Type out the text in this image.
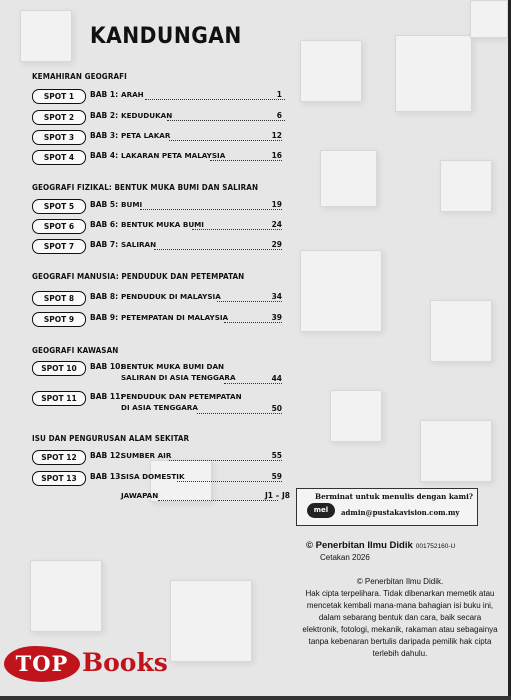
KANDUNGAN
KEMAHIRAN GEOGRAFI
SPOT 1	BAB 1: ARAH	1
SPOT 2	BAB 2: KEDUDUKAN	6
SPOT 3	BAB 3: PETA LAKAR	12
SPOT 4	BAB 4: LAKARAN PETA MALAYSIA	16
GEOGRAFI FIZIKAL: BENTUK MUKA BUMI DAN SALIRAN
SPOT 5	BAB 5: BUMI	19
SPOT 6	BAB 6: BENTUK MUKA BUMI	24
SPOT 7	BAB 7: SALIRAN	29
GEOGRAFI MANUSIA: PENDUDUK DAN PETEMPATAN
SPOT 8	BAB 8: PENDUDUK DI MALAYSIA	34
SPOT 9	BAB 9: PETEMPATAN DI MALAYSIA	39
GEOGRAFI KAWASAN
SPOT 10	BAB 10:
BENTUK MUKA BUMI DAN
SALIRAN DI ASIA TENGGARA	44
SPOT 11	BAB 11:
PENDUDUK DAN PETEMPATAN
DI ASIA TENGGARA	50
ISU DAN PENGURUSAN ALAM SEKITAR
SPOT 12	BAB 12:
SUMBER AIR	55
SPOT 13	BAB 13:
SISA DOMESTIK	59
JAWAPAN	J1 – J8	Berminat untuk menulis dengan kami?
mel	admin@pustakavision.com.my
© Penerbitan Ilmu Didik 001752160-U
Cetakan 2026
© Penerbitan Ilmu Didik.
Hak cipta terpelihara. Tidak dibenarkan memetik atau mencetak kembali mana-mana bahagian isi buku ini, dalam sebarang bentuk dan cara, baik secara elektronik, fotologi, mekanik, rakaman atau sebagainya tanpa kebenaran bertulis daripada pemilik hak cipta terlebih dahulu.
TOP Books
